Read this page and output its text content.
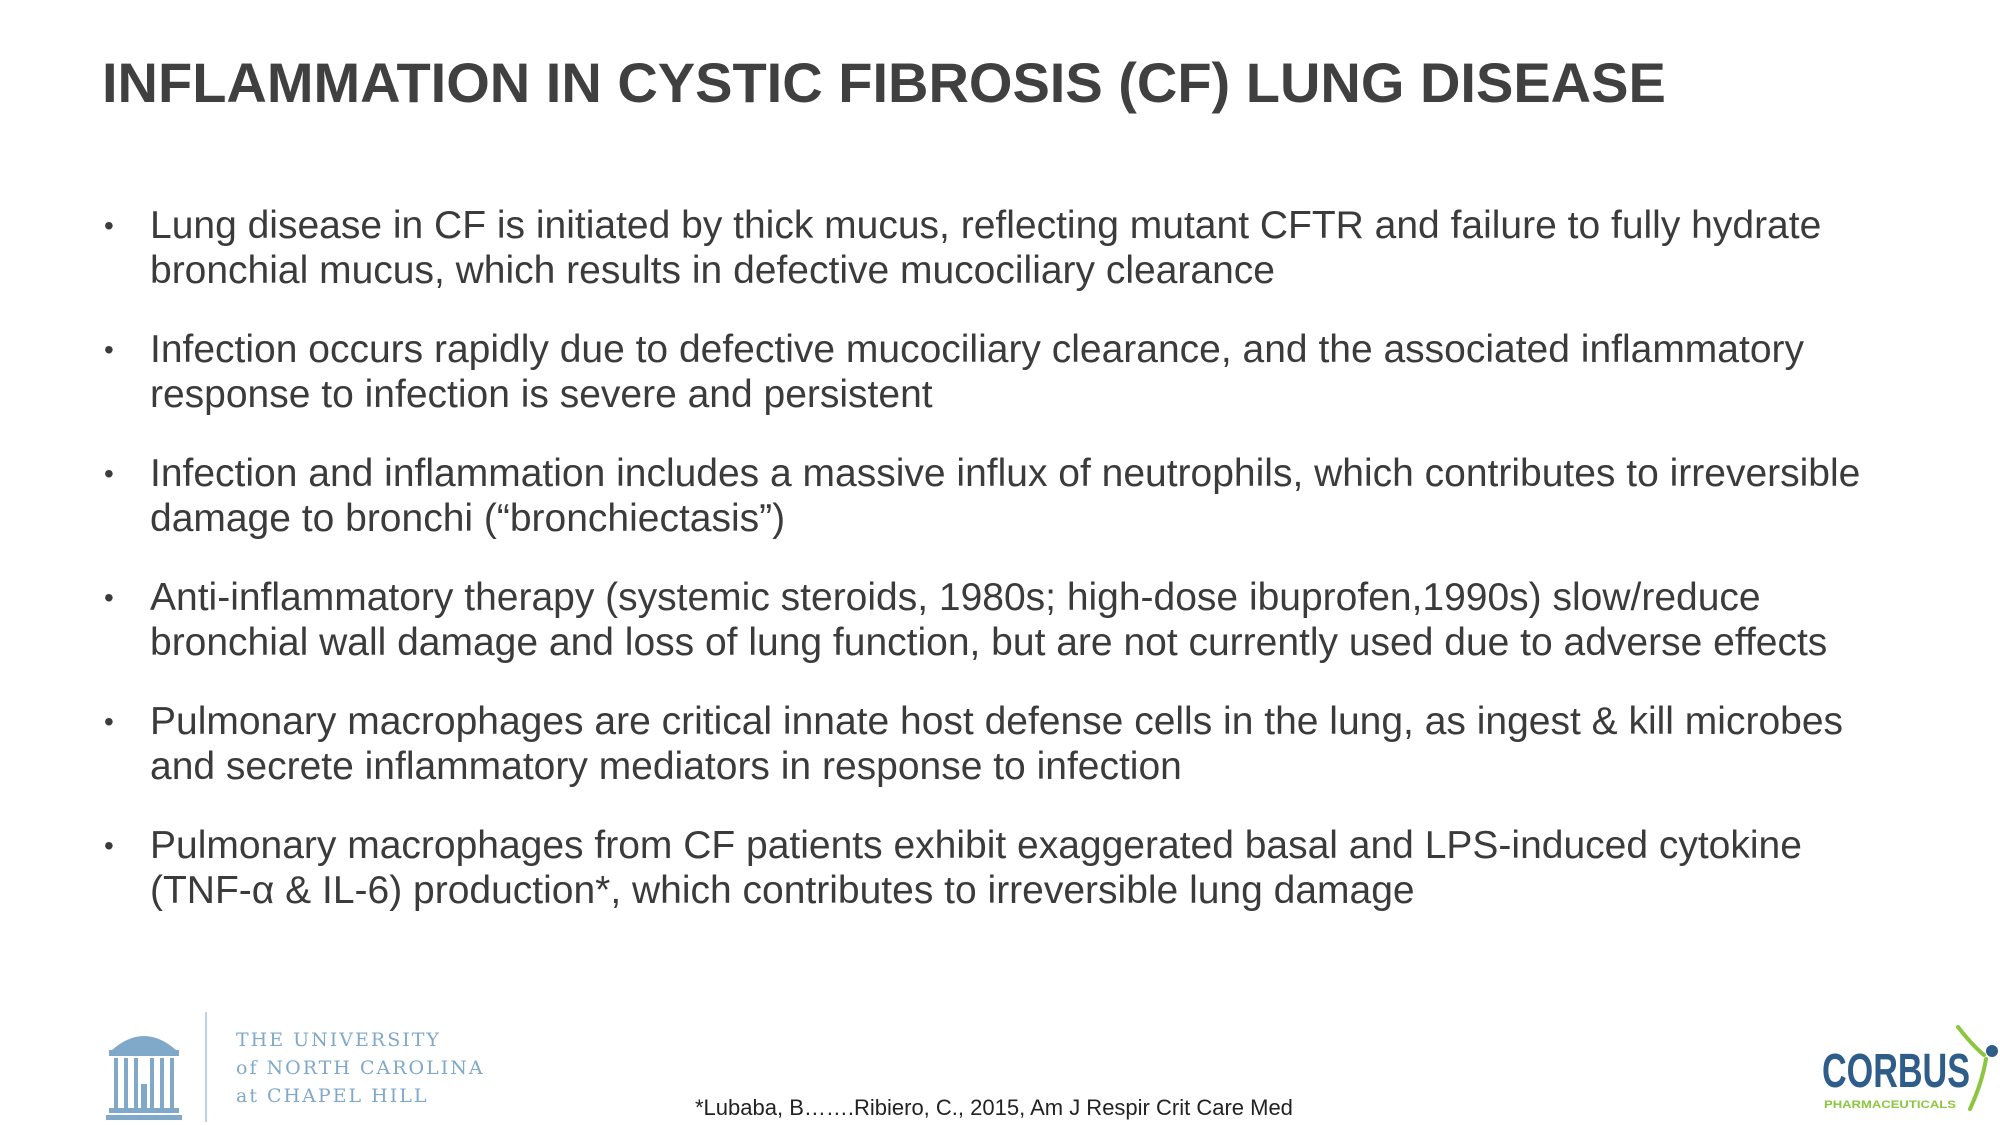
INFLAMMATION IN CYSTIC FIBROSIS (CF) LUNG DISEASE
• Lung disease in CF is initiated by thick mucus, reflecting mutant CFTR and failure to fully hydrate bronchial mucus, which results in defective mucociliary clearance
• Infection occurs rapidly due to defective mucociliary clearance, and the associated inflammatory response to infection is severe and persistent
• Infection and inflammation includes a massive influx of neutrophils, which contributes to irreversible damage to bronchi (“bronchiectasis”)
• Anti-inflammatory therapy (systemic steroids, 1980s; high-dose ibuprofen,1990s) slow/reduce bronchial wall damage and loss of lung function, but are not currently used due to adverse effects
• Pulmonary macrophages are critical innate host defense cells in the lung, as ingest & kill microbes and secrete inflammatory mediators in response to infection
• Pulmonary macrophages from CF patients exhibit exaggerated basal and LPS-induced cytokine (TNF-α & IL-6) production*, which contributes to irreversible lung damage
THE UNIVERSITY
of NORTH CAROLINA
at CHAPEL HILL	*Lubaba, B…….Ribiero, C., 2015, Am J Respir Crit Care Med
CORBUS
PHARMACEUTICALS
